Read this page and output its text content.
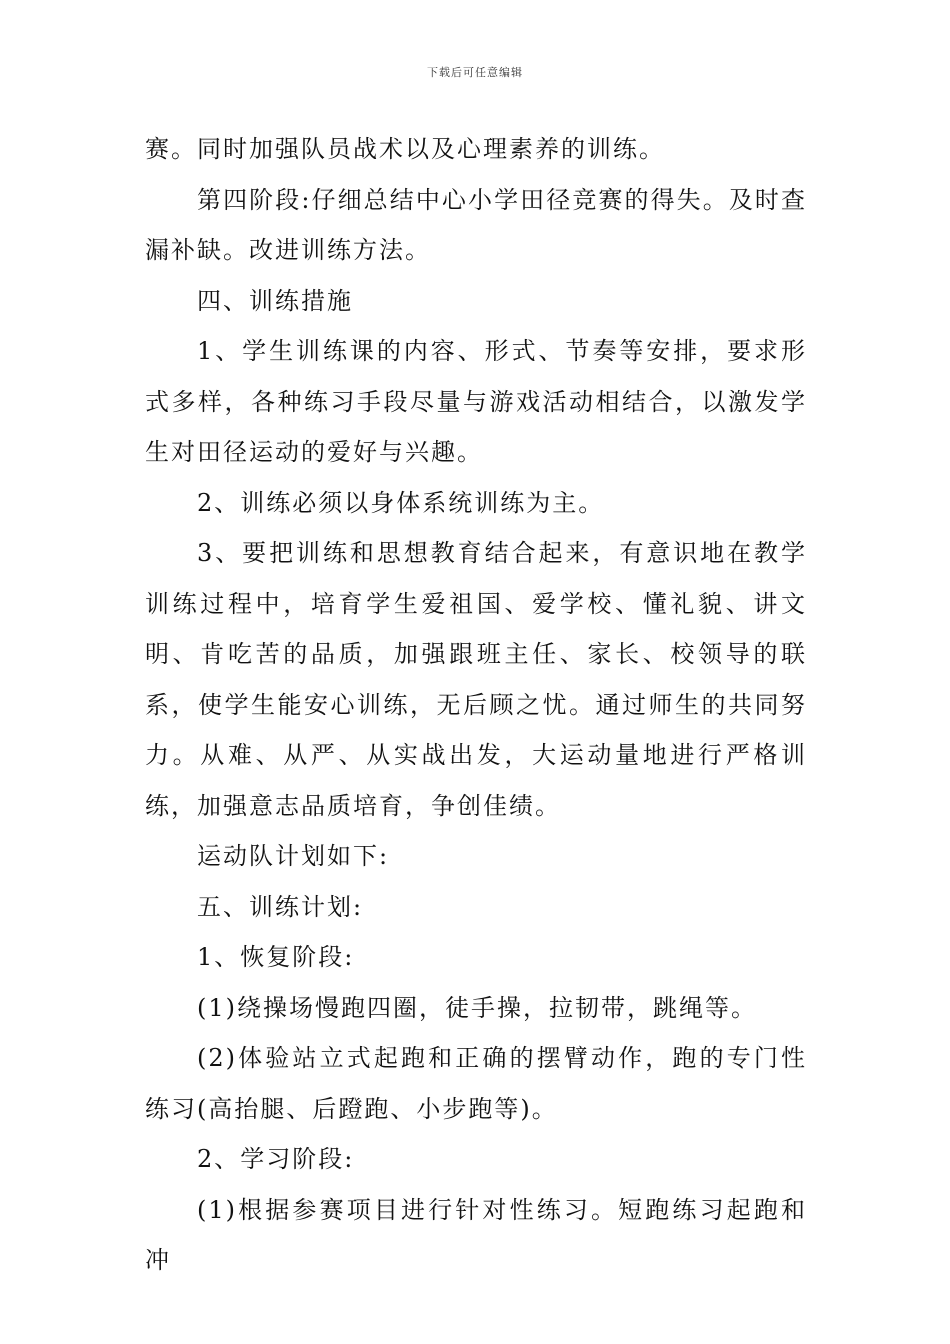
下载后可任意编辑

赛。同时加强队员战术以及心理素养的训练。

第四阶段:仔细总结中心小学田径竞赛的得失。及时查漏补缺。改进训练方法。

四、训练措施

1、学生训练课的内容、形式、节奏等安排，要求形式多样，各种练习手段尽量与游戏活动相结合，以激发学生对田径运动的爱好与兴趣。

2、训练必须以身体系统训练为主。

3、要把训练和思想教育结合起来，有意识地在教学训练过程中，培育学生爱祖国、爱学校、懂礼貌、讲文明、肯吃苦的品质，加强跟班主任、家长、校领导的联系，使学生能安心训练，无后顾之忧。通过师生的共同努力。从难、从严、从实战出发，大运动量地进行严格训练，加强意志品质培育，争创佳绩。

运动队计划如下:

五、训练计划:

1、恢复阶段:

(1)绕操场慢跑四圈，徒手操，拉韧带，跳绳等。

(2)体验站立式起跑和正确的摆臂动作，跑的专门性练习(高抬腿、后蹬跑、小步跑等)。

2、学习阶段:

(1)根据参赛项目进行针对性练习。短跑练习起跑和冲
